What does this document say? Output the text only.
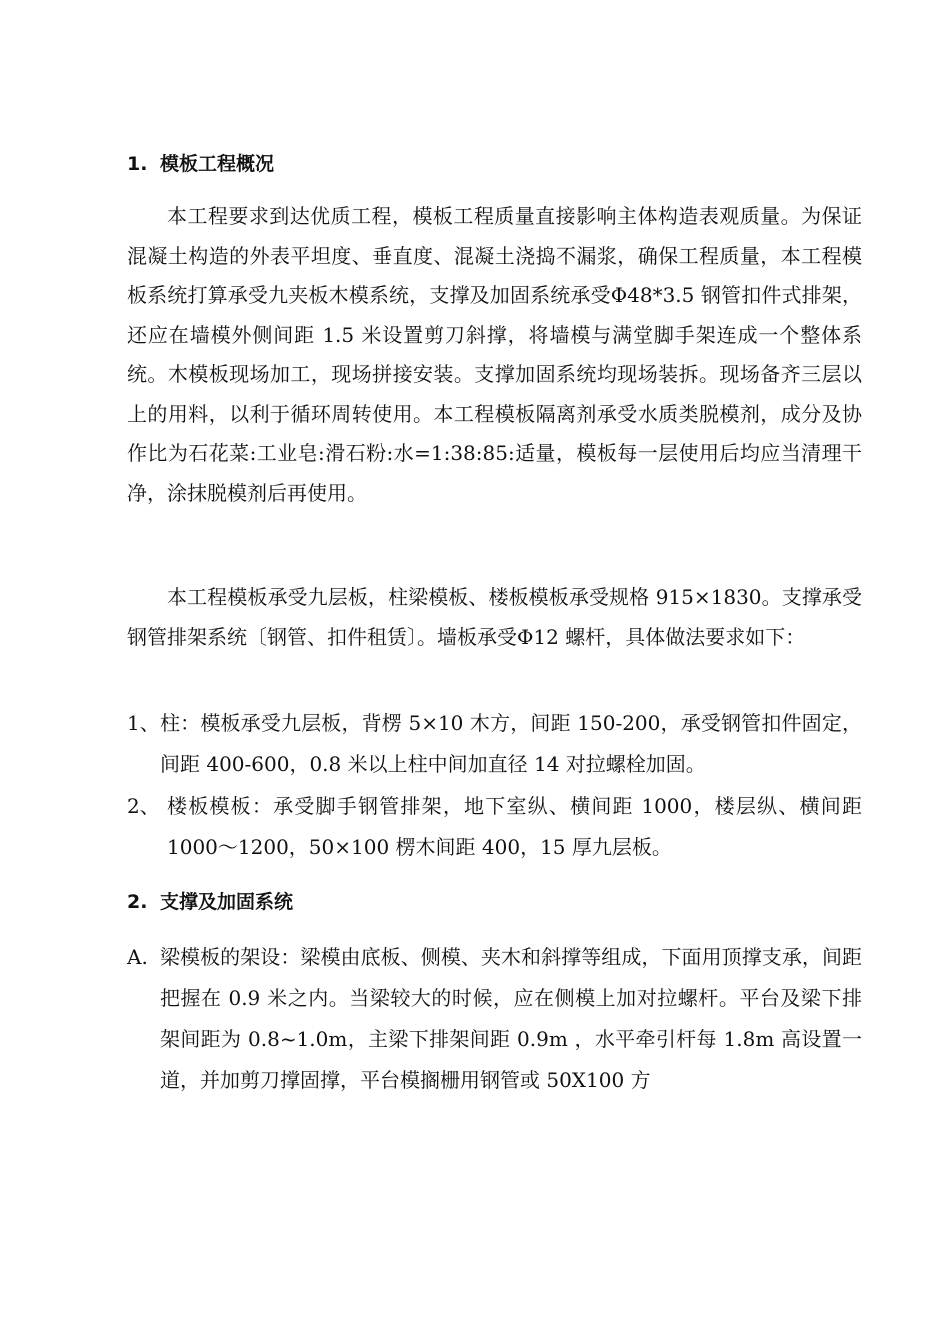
1. 模板工程概况
本工程要求到达优质工程，模板工程质量直接影响主体构造表观质量。为保证混凝土构造的外表平坦度、垂直度、混凝土浇捣不漏浆，确保工程质量，本工程模板系统打算承受九夹板木模系统，支撑及加固系统承受Φ48*3.5 钢管扣件式排架，还应在墙模外侧间距 1.5 米设置剪刀斜撑，将墙模与满堂脚手架连成一个整体系统。木模板现场加工，现场拼接安装。支撑加固系统均现场装拆。现场备齐三层以上的用料，以利于循环周转使用。本工程模板隔离剂承受水质类脱模剂，成分及协作比为石花菜:工业皂:滑石粉:水=1:38:85:适量，模板每一层使用后均应当清理干净，涂抹脱模剂后再使用。
本工程模板承受九层板，柱梁模板、楼板模板承受规格 915×1830。支撑承受钢管排架系统〔钢管、扣件租赁〕。墙板承受Φ12 螺杆，具体做法要求如下：
1、 柱：模板承受九层板，背楞 5×10 木方，间距 150-200，承受钢管扣件固定，间距 400-600，0.8 米以上柱中间加直径 14 对拉螺栓加固。
2、 楼板模板：承受脚手钢管排架，地下室纵、横间距 1000，楼层纵、横间距 1000～1200，50×100 楞木间距 400，15 厚九层板。
2. 支撑及加固系统
A. 梁模板的架设：梁模由底板、侧模、夹木和斜撑等组成，下面用顶撑支承，间距把握在 0.9 米之内。当梁较大的时候，应在侧模上加对拉螺杆。平台及梁下排架间距为 0.8~1.0m，主梁下排架间距 0.9m ，水平牵引杆每 1.8m 高设置一道，并加剪刀撑固撑，平台模搁栅用钢管或 50X100 方
